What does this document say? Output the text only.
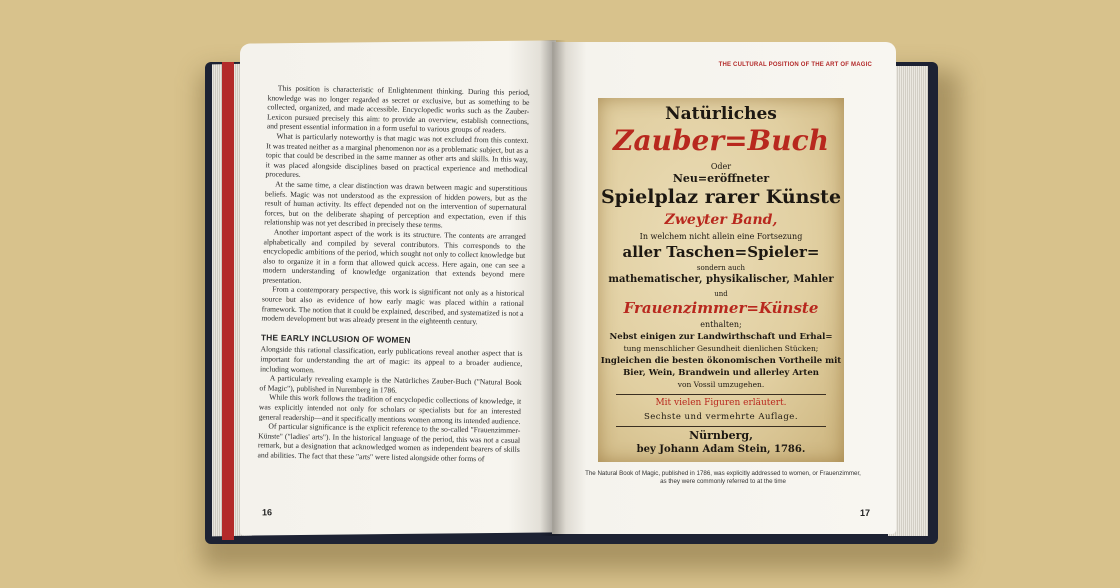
This position is characteristic of Enlightenment thinking. During this period, knowledge was no longer regarded as secret or exclusive, but as something to be collected, organized, and made accessible. Encyclopedic works such as the Zauber-Lexicon pursued precisely this aim: to provide an overview, establish connections, and present essential information in a form useful to various groups of readers.

What is particularly noteworthy is that magic was not excluded from this context. It was treated neither as a marginal phenomenon nor as a problematic subject, but as a topic that could be described in the same manner as other arts and skills. In this way, it was placed alongside disciplines based on practical experience and methodical procedures.

At the same time, a clear distinction was drawn between magic and superstitious beliefs. Magic was not understood as the expression of hidden powers, but as the result of human activity. Its effect depended not on the intervention of supernatural forces, but on the deliberate shaping of perception and expectation, even if this relationship was not yet described in precisely these terms.

Another important aspect of the work is its structure. The contents are arranged alphabetically and compiled by several contributors. This corresponds to the encyclopedic ambitions of the period, which sought not only to collect knowledge but also to organize it in a form that allowed quick access. Here again, one can see a modern understanding of knowledge organization that extends beyond mere presentation.

From a contemporary perspective, this work is significant not only as a historical source but also as evidence of how early magic was placed within a rational framework. The notion that it could be explained, described, and systematized is not a modern development but was already present in the eighteenth century.

THE EARLY INCLUSION OF WOMEN

Alongside this rational classification, early publications reveal another aspect that is important for understanding the art of magic: its appeal to a broader audience, including women.

A particularly revealing example is the Natürliches Zauber-Buch ("Natural Book of Magic"), published in Nuremberg in 1786.

While this work follows the tradition of encyclopedic collections of knowledge, it was explicitly intended not only for scholars or specialists but for an interested general readership—and it specifically mentions women among its intended audience.

Of particular significance is the explicit reference to the so-called "Frauenzimmer-Künste" ("ladies' arts"). In the historical language of the period, this was not a casual remark, but a designation that acknowledged women as independent bearers of skills and abilities. The fact that these "arts" were listed alongside other forms of

16
THE CULTURAL POSITION OF THE ART OF MAGIC
Natürliches
Zauber=Buch
Oder
Neu=eröffneter
Spielplaz rarer Künste
Zweyter Band,
In welchem nicht allein eine Fortsezung
aller Taschen=Spieler=
sondern auch
mathematischer, physikalischer, Mahler
und
Frauenzimmer=Künste
enthalten;
Nebst einigen zur Landwirthschaft und Erhal=
tung menschlicher Gesundheit dienlichen Stücken;
Ingleichen die besten ökonomischen Vortheile mit
Bier, Wein, Brandwein und allerley Arten
von Vossil umzugehen.
Mit vielen Figuren erläutert.
Sechste und vermehrte Auflage.
Nürnberg,
bey Johann Adam Stein, 1786.
The Natural Book of Magic, published in 1786, was explicitly addressed to women, or Frauenzimmer, as they were commonly referred to at the time
17
